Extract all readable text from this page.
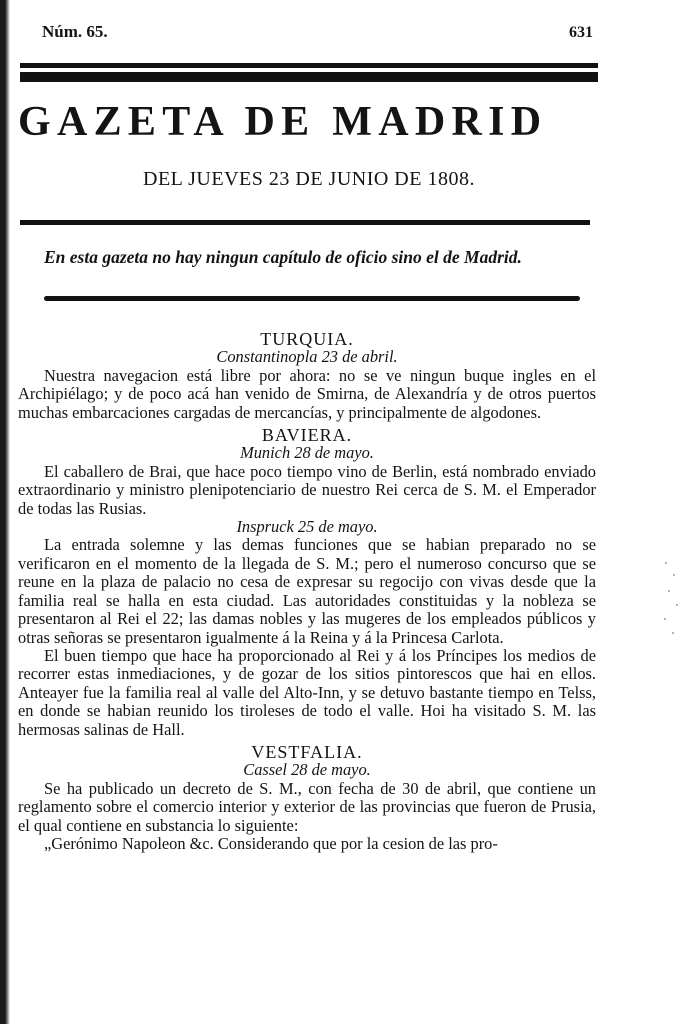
Núm. 65.	631
GAZETA DE MADRID
DEL JUEVES 23 DE JUNIO DE 1808.
En esta gazeta no hay ningun capítulo de oficio sino el de Madrid.
TURQUIA.
Constantinopla 23 de abril.

Nuestra navegacion está libre por ahora: no se ve ningun buque ingles en el Archipiélago; y de poco acá han venido de Smirna, de Alexandría y de otros puertos muchas embarcaciones cargadas de mercancías, y principalmente de algodones.

BAVIERA.
Munich 28 de mayo.

El caballero de Brai, que hace poco tiempo vino de Berlin, está nombrado enviado extraordinario y ministro plenipotenciario de nuestro Rei cerca de S. M. el Emperador de todas las Rusias.

Inspruck 25 de mayo.

La entrada solemne y las demas funciones que se habian preparado no se verificaron en el momento de la llegada de S. M.; pero el numeroso concurso que se reune en la plaza de palacio no cesa de expresar su regocijo con vivas desde que la familia real se halla en esta ciudad. Las autoridades constituidas y la nobleza se presentaron al Rei el 22; las damas nobles y las mugeres de los empleados públicos y otras señoras se presentaron igualmente á la Reina y á la Princesa Carlota.

El buen tiempo que hace ha proporcionado al Rei y á los Príncipes los medios de recorrer estas inmediaciones, y de gozar de los sitios pintorescos que hai en ellos. Anteayer fue la familia real al valle del Alto-Inn, y se detuvo bastante tiempo en Telss, en donde se habian reunido los tiroleses de todo el valle. Hoi ha visitado S. M. las hermosas salinas de Hall.

VESTFALIA.
Cassel 28 de mayo.

Se ha publicado un decreto de S. M., con fecha de 30 de abril, que contiene un reglamento sobre el comercio interior y exterior de las provincias que fueron de Prusia, el qual contiene en substancia lo siguiente:

„Gerónimo Napoleon &c. Considerando que por la cesion de las pro-
